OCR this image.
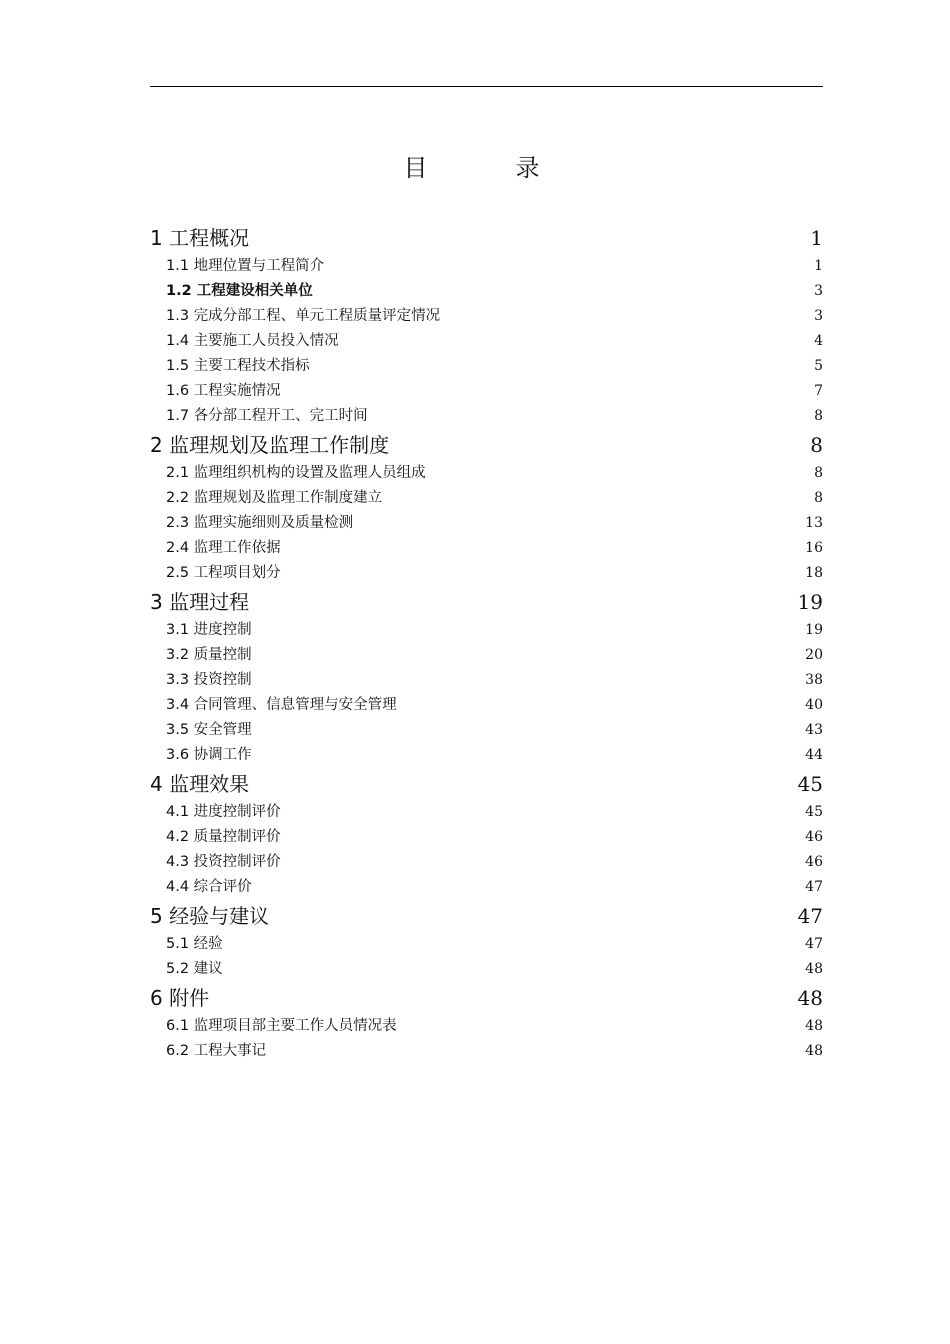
目　录
1 工程概况	1
1.1 地理位置与工程简介	1
1.2 工程建设相关单位	3
1.3 完成分部工程、单元工程质量评定情况	3
1.4 主要施工人员投入情况	4
1.5 主要工程技术指标	5
1.6 工程实施情况	7
1.7 各分部工程开工、完工时间	8
2 监理规划及监理工作制度	8
2.1 监理组织机构的设置及监理人员组成	8
2.2 监理规划及监理工作制度建立	8
2.3 监理实施细则及质量检测	13
2.4 监理工作依据	16
2.5 工程项目划分	18
3 监理过程	19
3.1 进度控制	19
3.2 质量控制	20
3.3 投资控制	38
3.4 合同管理、信息管理与安全管理	40
3.5 安全管理	43
3.6 协调工作	44
4 监理效果	45
4.1 进度控制评价	45
4.2 质量控制评价	46
4.3 投资控制评价	46
4.4 综合评价	47
5 经验与建议	47
5.1 经验	47
5.2 建议	48
6 附件	48
6.1 监理项目部主要工作人员情况表	48
6.2 工程大事记	48
